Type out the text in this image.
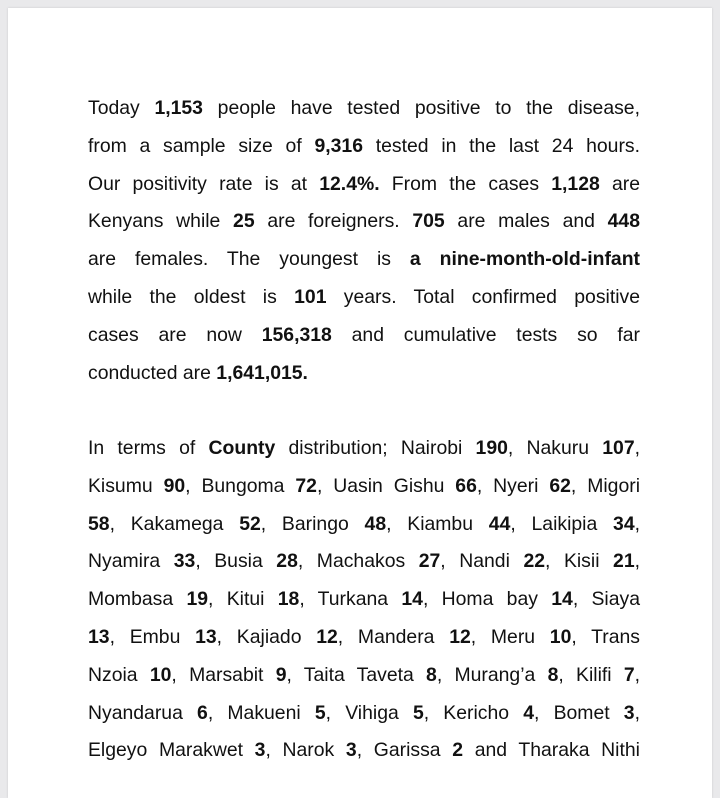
Today 1,153 people have tested positive to the disease,
from a sample size of 9,316 tested in the last 24 hours.
Our positivity rate is at 12.4%. From the cases 1,128 are
Kenyans while 25 are foreigners. 705 are males and 448
are females. The youngest is a nine-month-old-infant
while the oldest is 101 years. Total confirmed positive
cases are now 156,318 and cumulative tests so far
conducted are 1,641,015.
In terms of County distribution; Nairobi 190, Nakuru 107,
Kisumu 90, Bungoma 72, Uasin Gishu 66, Nyeri 62, Migori
58, Kakamega 52, Baringo 48, Kiambu 44, Laikipia 34,
Nyamira 33, Busia 28, Machakos 27, Nandi 22, Kisii 21,
Mombasa 19, Kitui 18, Turkana 14, Homa bay 14, Siaya
13, Embu 13, Kajiado 12, Mandera 12, Meru 10, Trans
Nzoia 10, Marsabit 9, Taita Taveta 8, Murang’a 8, Kilifi 7,
Nyandarua 6, Makueni 5, Vihiga 5, Kericho 4, Bomet 3,
Elgeyo Marakwet 3, Narok 3, Garissa 2 and Tharaka Nithi
